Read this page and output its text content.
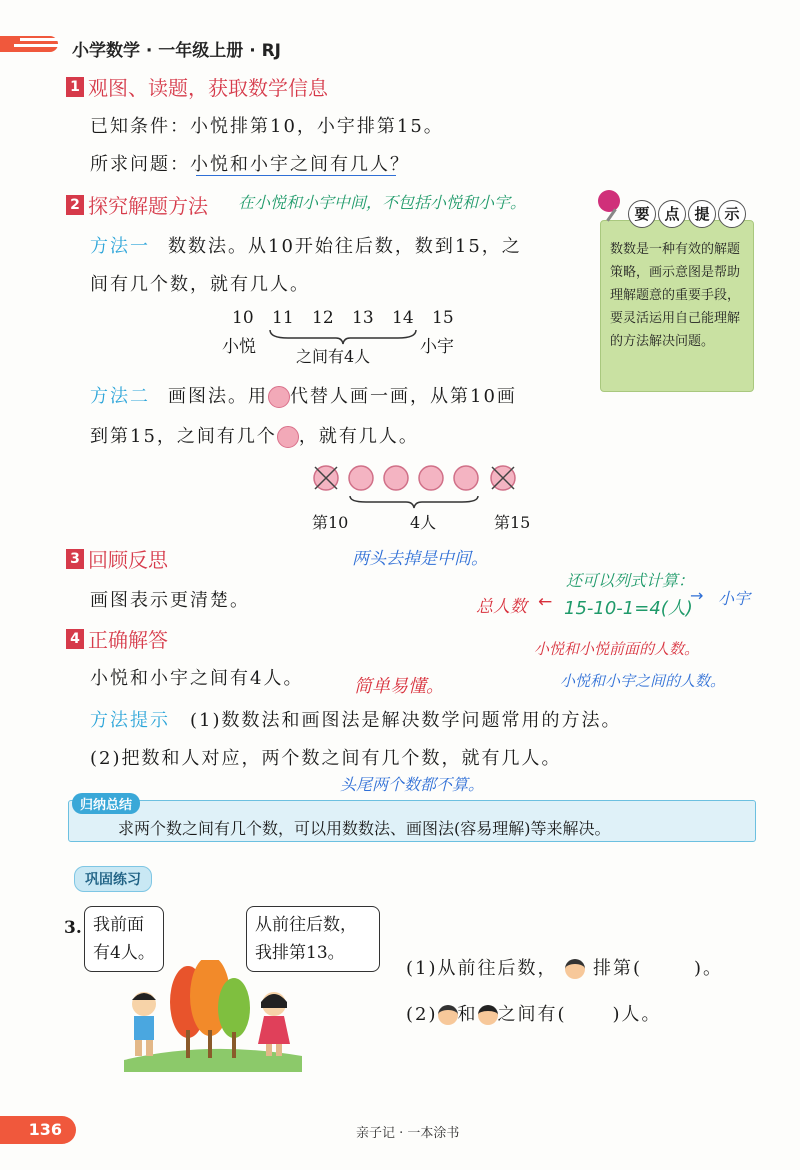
小学数学 · 一年级上册 · RJ
1 观图、读题，获取数学信息
已知条件：小悦排第10，小宇排第15。
所求问题：小悦和小宇之间有几人？
2 探究解题方法 在小悦和小宇中间，不包括小悦和小宇。
方法一 数数法。从10开始往后数，数到15，之
间有几个数，就有几人。
10 11 12 13 14 15
小悦	小宇
之间有4人
方法二 画图法。用 代替人画一画，从第10画
到第15，之间有几个 ，就有几人。
第10	4人	第15
要 点 提 示
数数是一种有效的解题策略，画示意图是帮助理解题意的重要手段，要灵活运用自己能理解的方法解决问题。
3 回顾反思	两头去掉是中间。
画图表示更清楚。
还可以列式计算：
总人数 ← 15-10-1=4(人)
→ 小宇
小悦和小悦前面的人数。
小悦和小宇之间的人数。
4 正确解答
小悦和小宇之间有4人。	简单易懂。
方法提示 (1)数数法和画图法是解决数学问题常用的方法。
(2)把数和人对应，两个数之间有几个数，就有几人。
头尾两个数都不算。
归纳总结
求两个数之间有几个数，可以用数数法、画图法(容易理解)等来解决。
巩固练习
3. 我前面
有4人。
从前往后数，
我排第13。
(1)从前往后数， 排第(	)。
(2) 和 之间有(	)人。
136	亲子记 · 一本涂书
